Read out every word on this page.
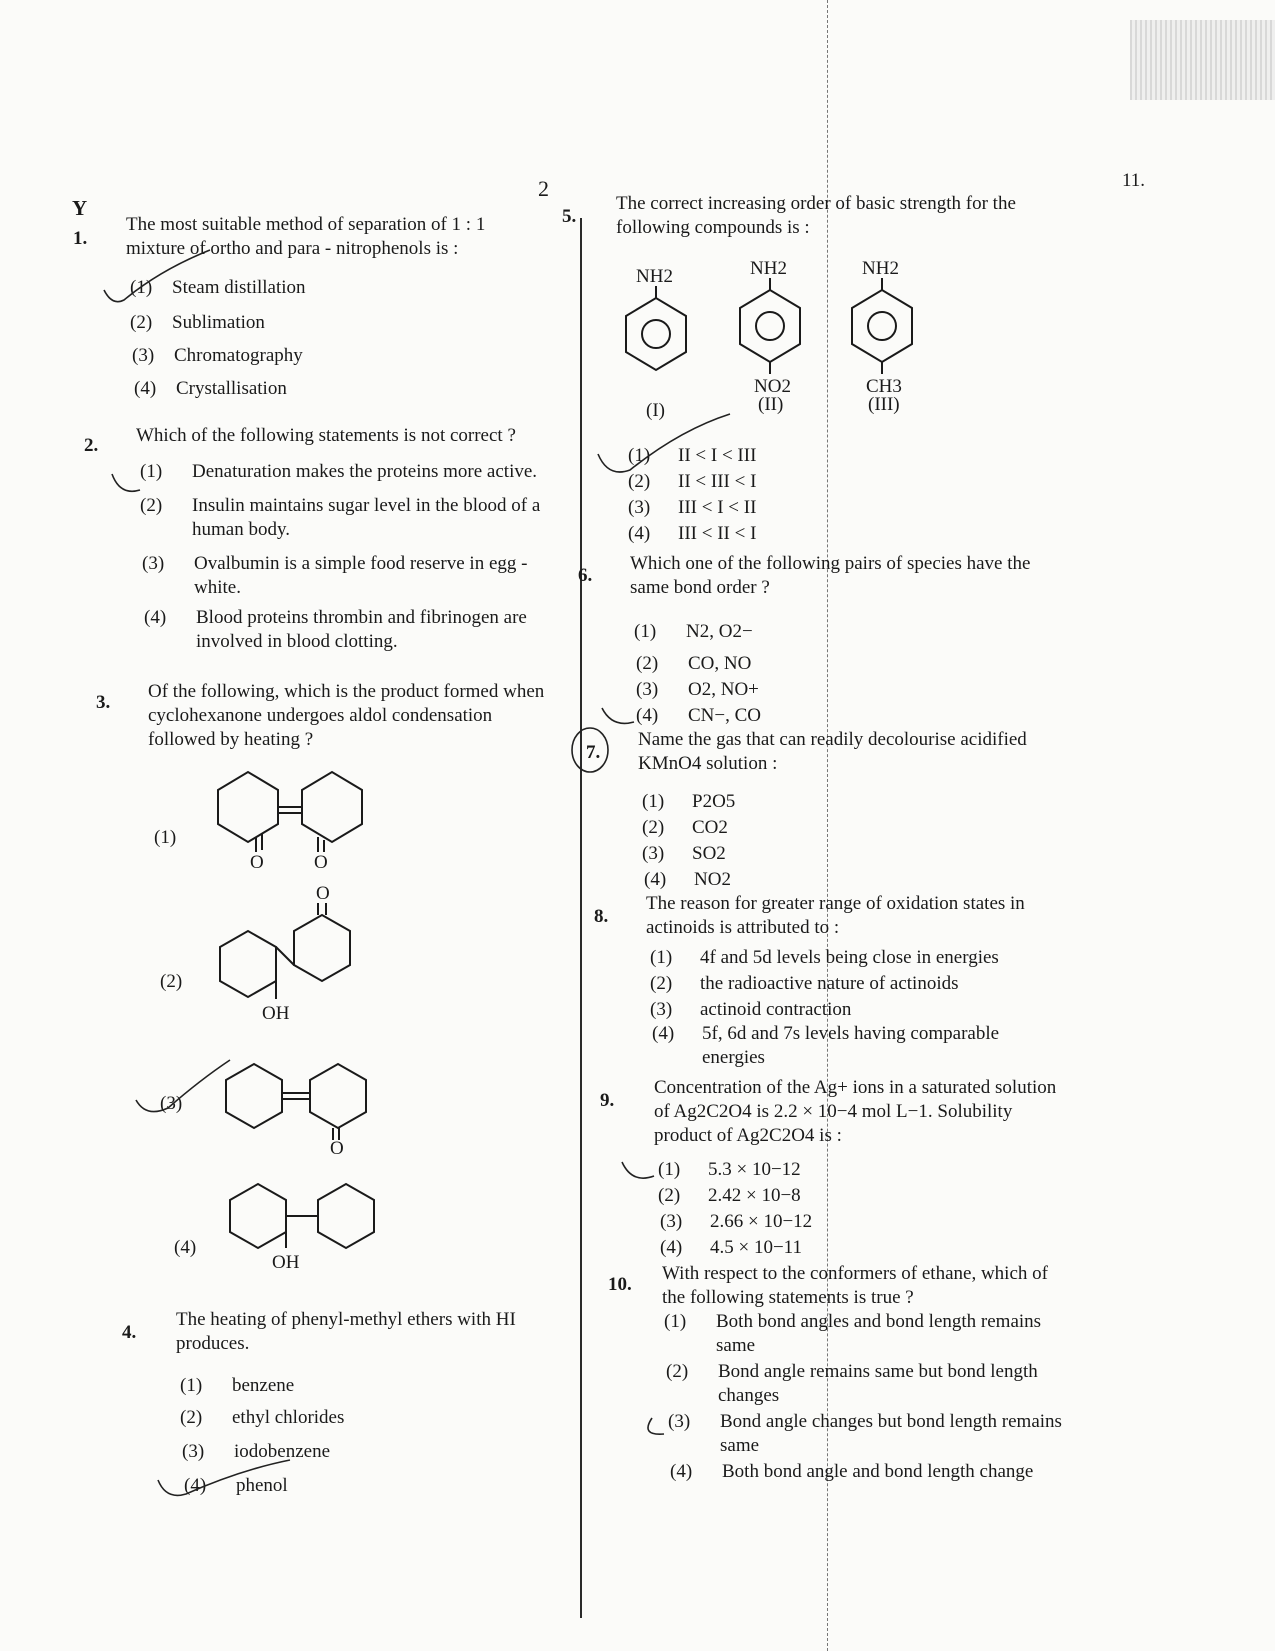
Y
2	11.
1.
The most suitable method of separation of 1 : 1 mixture of ortho and para - nitrophenols is :
(1) Steam distillation
(2) Sublimation
(3) Chromatography
(4) Crystallisation
2. Which of the following statements is not correct ?
(1) Denaturation makes the proteins more active.
(2) Insulin maintains sugar level in the blood of a human body.
(3) Ovalbumin is a simple food reserve in egg - white.
(4) Blood proteins thrombin and fibrinogen are involved in blood clotting.
3.
Of the following, which is the product formed when cyclohexanone undergoes aldol condensation followed by heating ?
(1)
O	O
(2)
O
OH
(3)
O
(4)
OH
4.
The heating of phenyl-methyl ethers with HI produces.
(1) benzene
(2) ethyl chlorides
(3) iodobenzene
(4) phenol
5.
The correct increasing order of basic strength for the following compounds is :
NH2	NH2	NH2
NO2	CH3
(I)	(II)	(III)
(1) II < I < III
(2) II < III < I
(3) III < I < II
(4) III < II < I
6.
Which one of the following pairs of species have the same bond order ?
(1) N2, O2−
(2) CO, NO
(3) O2, NO+
(4) CN−, CO
7.
Name the gas that can readily decolourise acidified KMnO4 solution :
(1) P2O5
(2) CO2
(3) SO2
(4) NO2
8.
The reason for greater range of oxidation states in actinoids is attributed to :
(1) 4f and 5d levels being close in energies
(2) the radioactive nature of actinoids
(3) actinoid contraction
(4) 5f, 6d and 7s levels having comparable energies
9.
Concentration of the Ag+ ions in a saturated solution of Ag2C2O4 is 2.2 × 10−4 mol L−1. Solubility product of Ag2C2O4 is :
(1) 5.3 × 10−12
(2) 2.42 × 10−8
(3) 2.66 × 10−12
(4) 4.5 × 10−11
10.
With respect to the conformers of ethane, which of the following statements is true ?
(1) Both bond angles and bond length remains same
(2) Bond angle remains same but bond length changes
(3) Bond angle changes but bond length remains same
(4) Both bond angle and bond length change
